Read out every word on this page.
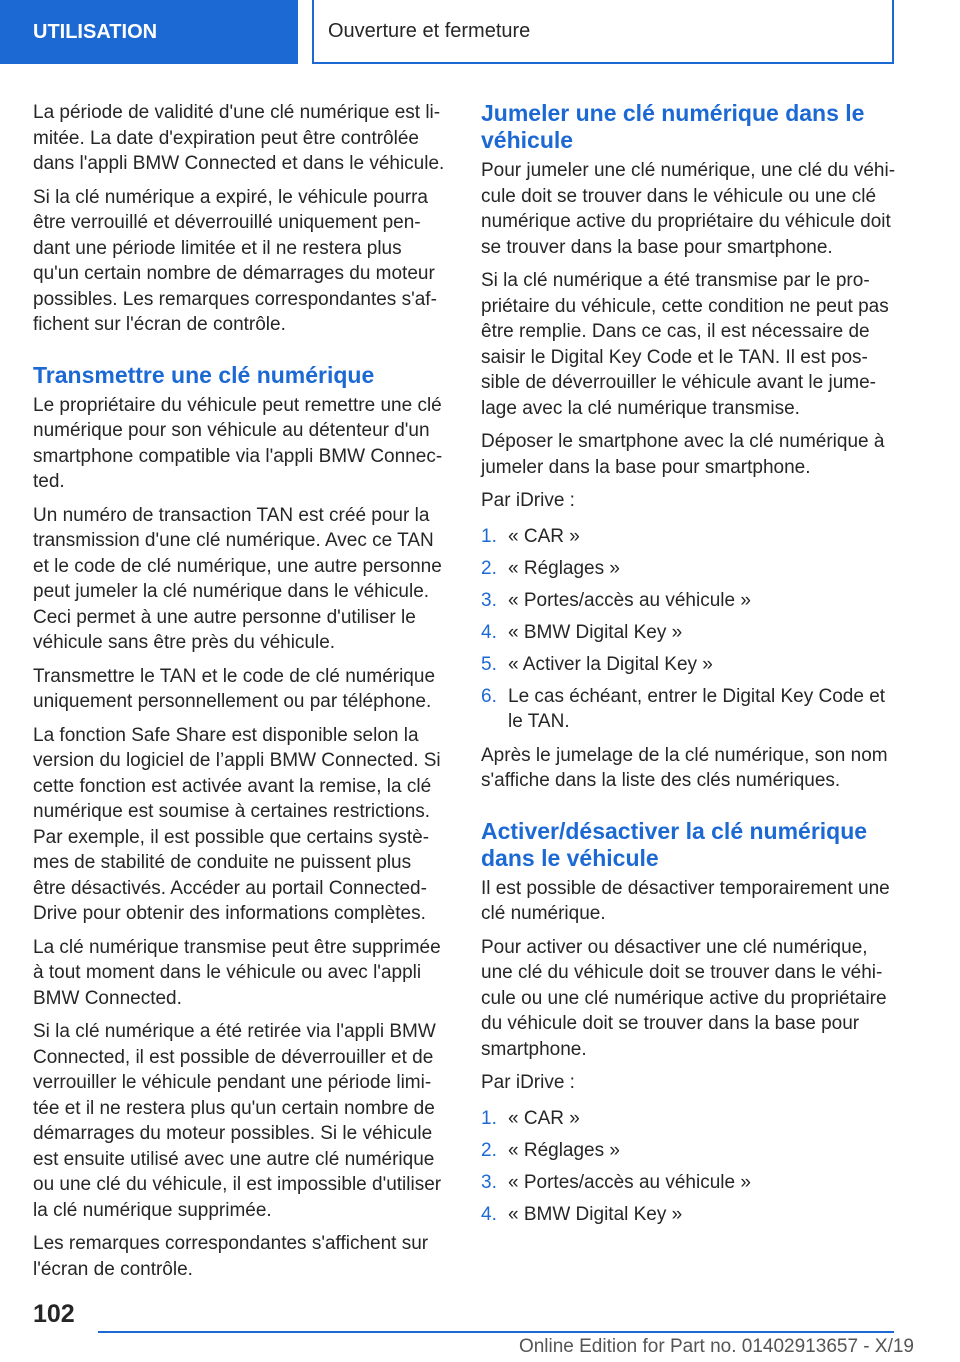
UTILISATION	Ouverture et fermeture

La période de validité d'une clé numérique est limitée. La date d'expiration peut être contrôlée dans l'appli BMW Connected et dans le véhicule.

Si la clé numérique a expiré, le véhicule pourra être verrouillé et déverrouillé uniquement pendant une période limitée et il ne restera plus qu'un certain nombre de démarrages du moteur possibles. Les remarques correspondantes s'affichent sur l'écran de contrôle.

Transmettre une clé numérique

Le propriétaire du véhicule peut remettre une clé numérique pour son véhicule au détenteur d'un smartphone compatible via l'appli BMW Connected.

Un numéro de transaction TAN est créé pour la transmission d'une clé numérique. Avec ce TAN et le code de clé numérique, une autre personne peut jumeler la clé numérique dans le véhicule. Ceci permet à une autre personne d'utiliser le véhicule sans être près du véhicule.

Transmettre le TAN et le code de clé numérique uniquement personnellement ou par téléphone.

La fonction Safe Share est disponible selon la version du logiciel de l’appli BMW Connected. Si cette fonction est activée avant la remise, la clé numérique est soumise à certaines restrictions. Par exemple, il est possible que certains systèmes de stabilité de conduite ne puissent plus être désactivés. Accéder au portail ConnectedDrive pour obtenir des informations complètes.

La clé numérique transmise peut être supprimée à tout moment dans le véhicule ou avec l'appli BMW Connected.

Si la clé numérique a été retirée via l'appli BMW Connected, il est possible de déverrouiller et de verrouiller le véhicule pendant une période limitée et il ne restera plus qu'un certain nombre de démarrages du moteur possibles. Si le véhicule est ensuite utilisé avec une autre clé numérique ou une clé du véhicule, il est impossible d'utiliser la clé numérique supprimée.

Les remarques correspondantes s'affichent sur l'écran de contrôle.

Jumeler une clé numérique dans le véhicule

Pour jumeler une clé numérique, une clé du véhicule doit se trouver dans le véhicule ou une clé numérique active du propriétaire du véhicule doit se trouver dans la base pour smartphone.

Si la clé numérique a été transmise par le propriétaire du véhicule, cette condition ne peut pas être remplie. Dans ce cas, il est nécessaire de saisir le Digital Key Code et le TAN. Il est possible de déverrouiller le véhicule avant le jumelage avec la clé numérique transmise.

Déposer le smartphone avec la clé numérique à jumeler dans la base pour smartphone.

Par iDrive :

1. « CAR »
2. « Réglages »
3. « Portes/accès au véhicule »
4. « BMW Digital Key »
5. « Activer la Digital Key »
6. Le cas échéant, entrer le Digital Key Code et le TAN.

Après le jumelage de la clé numérique, son nom s'affiche dans la liste des clés numériques.

Activer/désactiver la clé numérique dans le véhicule

Il est possible de désactiver temporairement une clé numérique.

Pour activer ou désactiver une clé numérique, une clé du véhicule doit se trouver dans le véhicule ou une clé numérique active du propriétaire du véhicule doit se trouver dans la base pour smartphone.

Par iDrive :

1. « CAR »
2. « Réglages »
3. « Portes/accès au véhicule »
4. « BMW Digital Key »
102
Online Edition for Part no. 01402913657 - X/19
